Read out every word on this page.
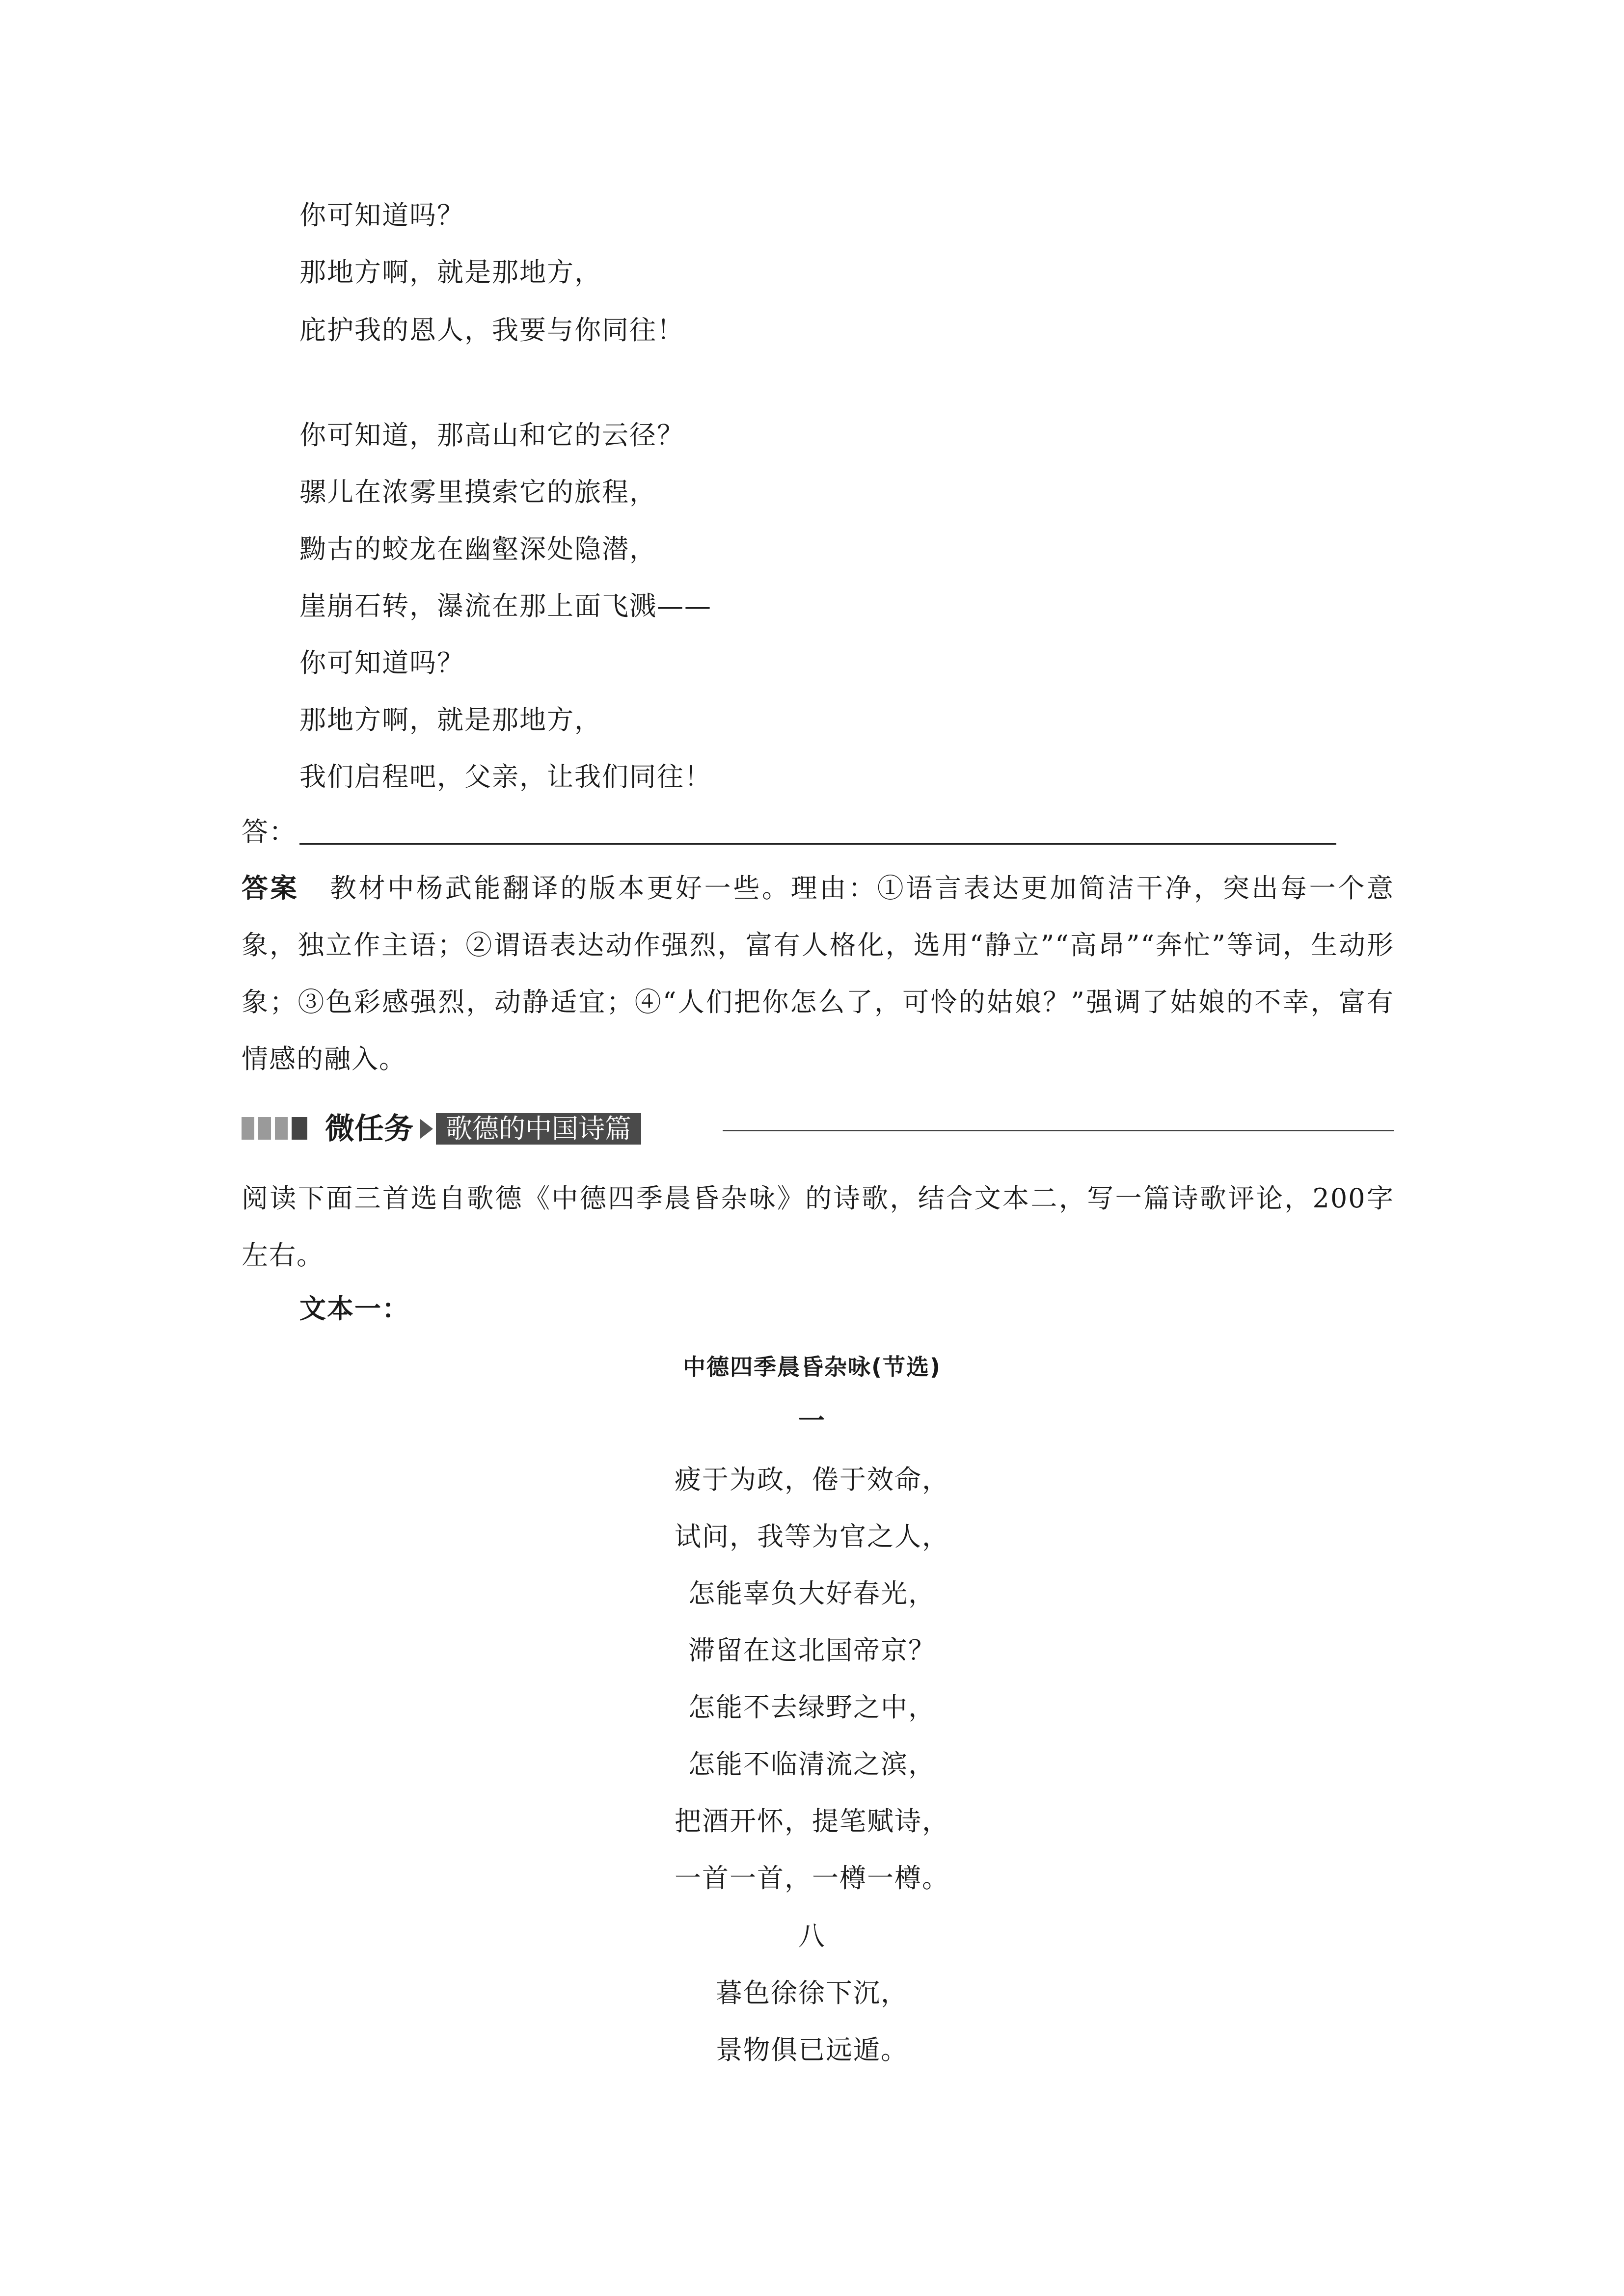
你可知道吗？
那地方啊，就是那地方，
庇护我的恩人，我要与你同往！
你可知道，那高山和它的云径？
骡儿在浓雾里摸索它的旅程，
黝古的蛟龙在幽壑深处隐潜，
崖崩石转，瀑流在那上面飞溅——
你可知道吗？
那地方啊，就是那地方，
我们启程吧，父亲，让我们同往！
答：
答案 教材中杨武能翻译的版本更好一些。理由：①语言表达更加简洁干净，突出每一个意象，独立作主语；②谓语表达动作强烈，富有人格化，选用“静立”“高昂”“奔忙”等词，生动形象；③色彩感强烈，动静适宜；④“人们把你怎么了，可怜的姑娘？”强调了姑娘的不幸，富有情感的融入。
微任务	歌德的中国诗篇
阅读下面三首选自歌德《中德四季晨昏杂咏》的诗歌，结合文本二，写一篇诗歌评论，200字左右。
文本一：
中德四季晨昏杂咏(节选)
一
疲于为政，倦于效命，
试问，我等为官之人，
怎能辜负大好春光，
滞留在这北国帝京？
怎能不去绿野之中，
怎能不临清流之滨，
把酒开怀，提笔赋诗，
一首一首，一樽一樽。
八
暮色徐徐下沉，
景物俱已远遁。
